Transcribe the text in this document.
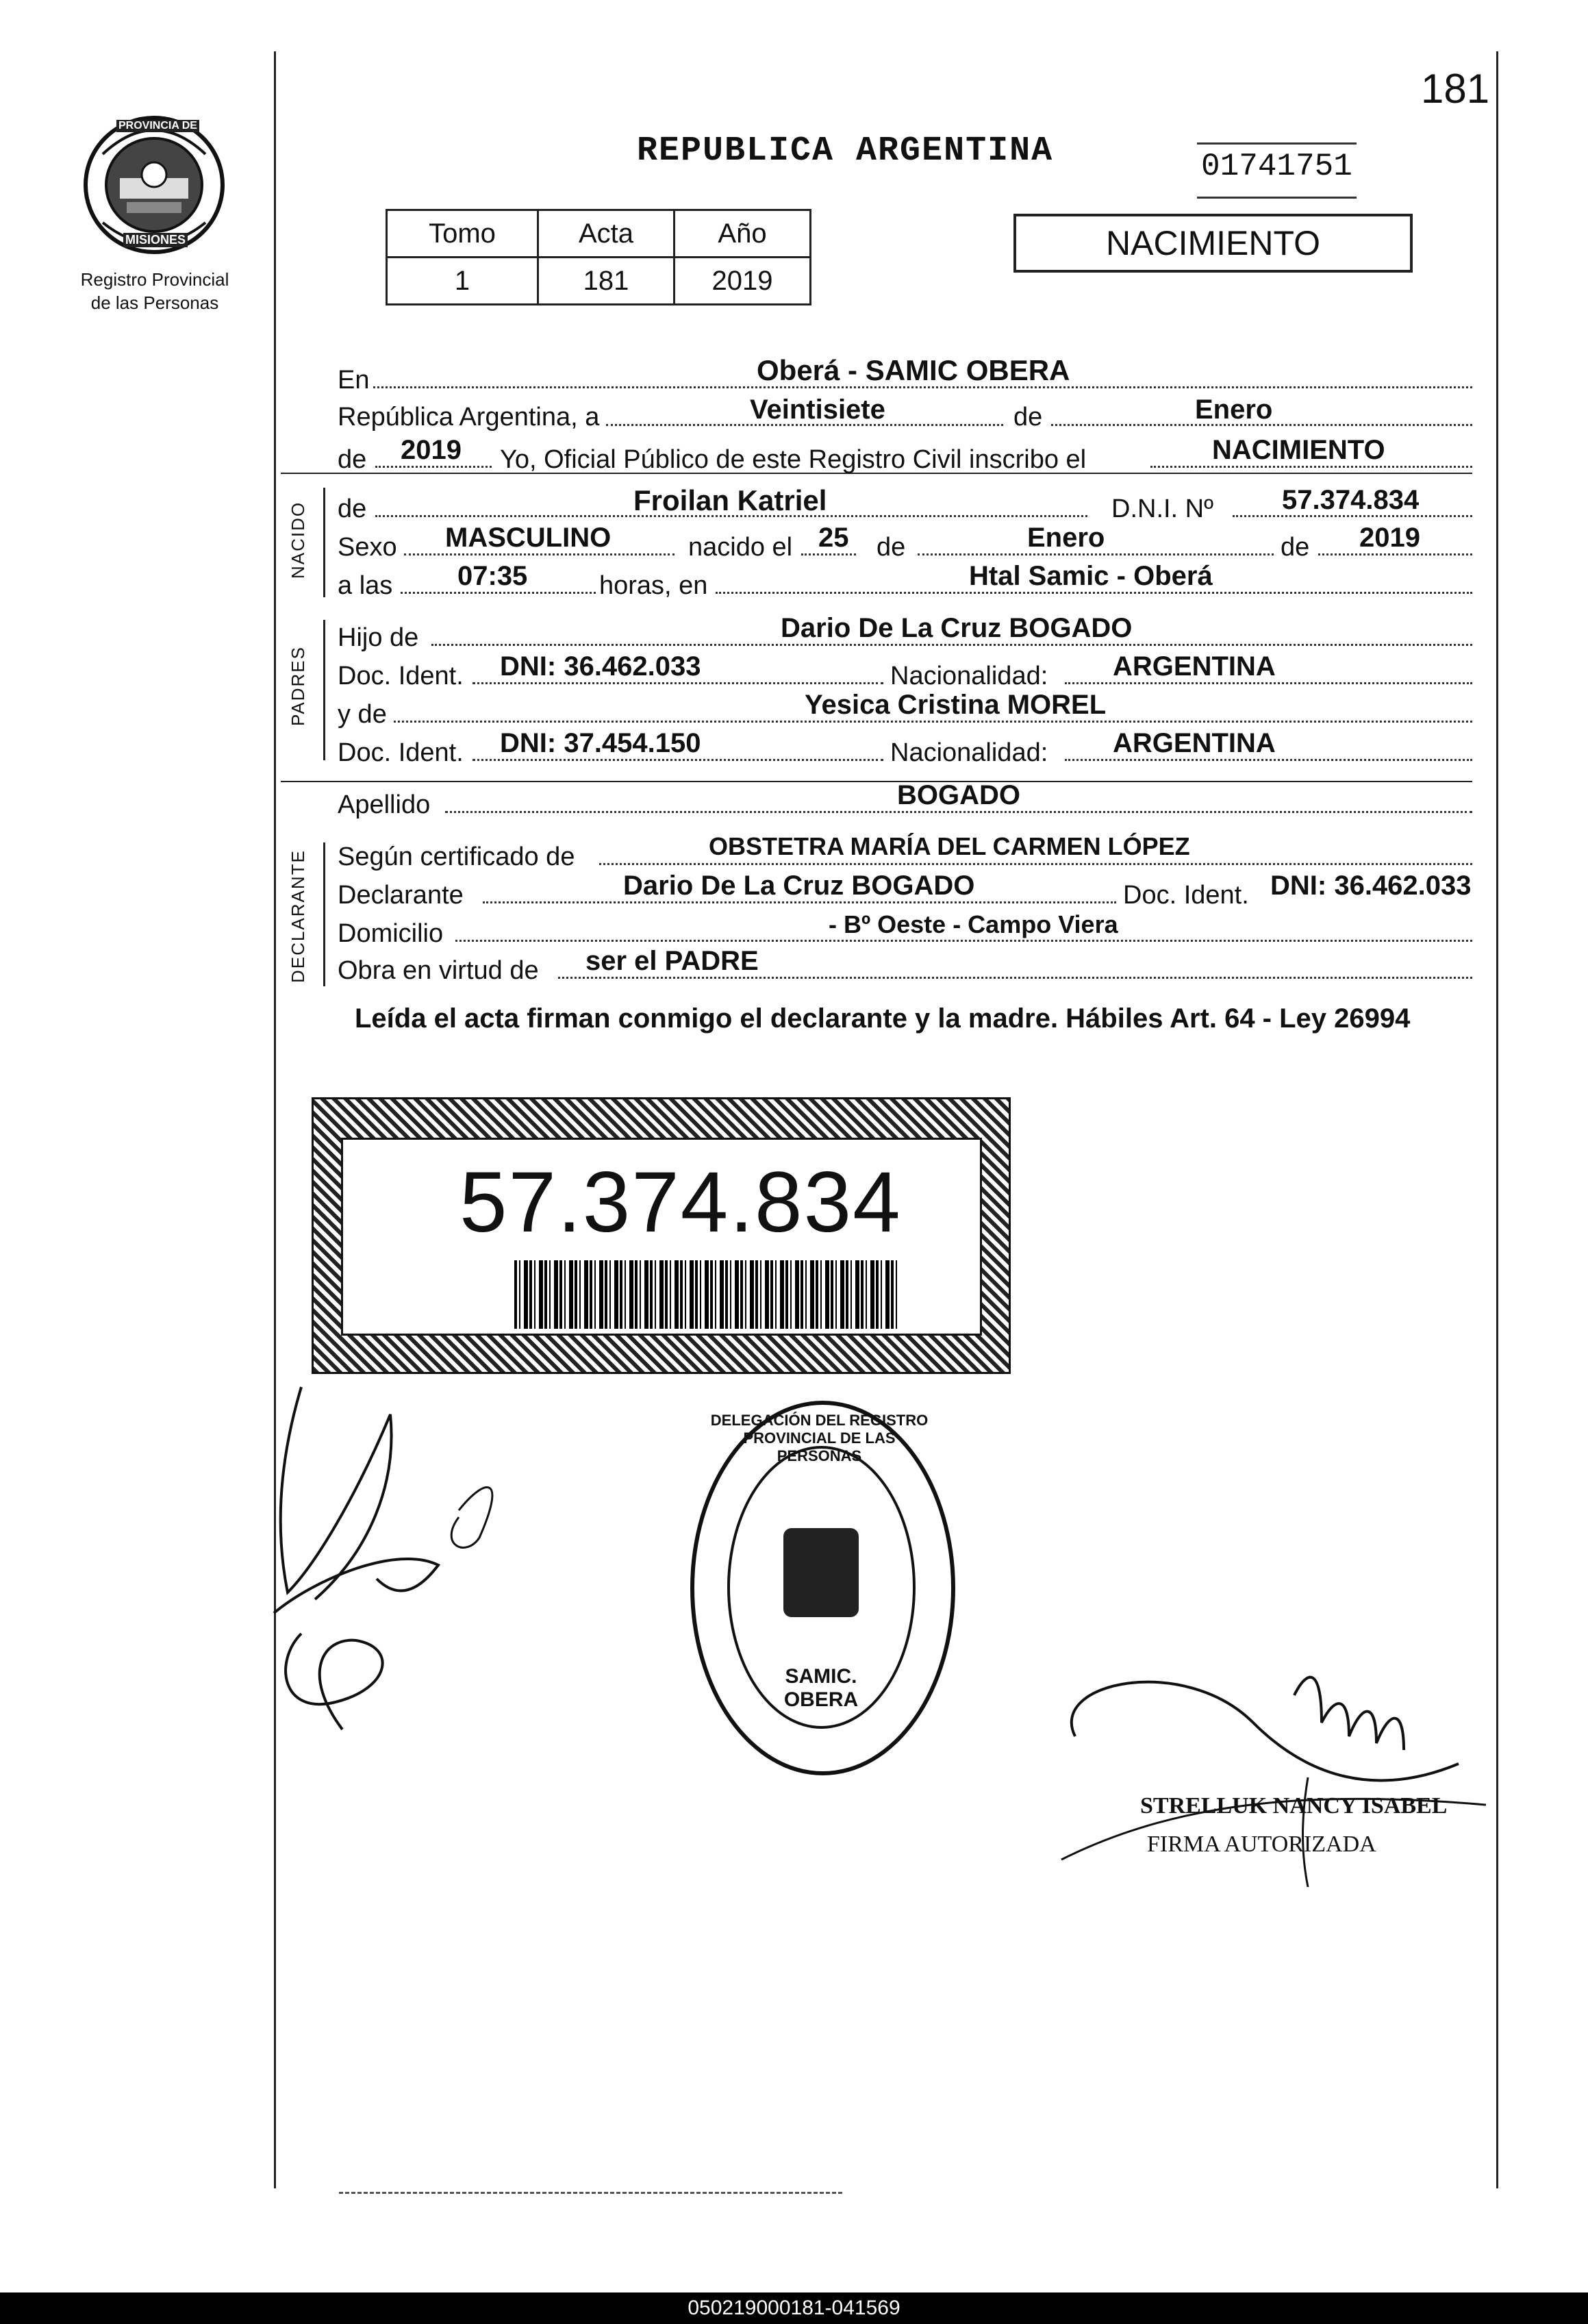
181
PROVINCIA DE
MISIONES
Registro Provincial
de las Personas
REPUBLICA ARGENTINA	01741751
NACIMIENTO
Tomo	Acta	Año
1	181	2019
NACIDO
PADRES
DECLARANTE
En	Oberá - SAMIC OBERA
República Argentina, a	Veintisiete	de	Enero
de 2019 Yo, Oficial Público de este Registro Civil inscribo el	NACIMIENTO
de	Froilan Katriel	D.N.I. Nº	57.374.834
Sexo MASCULINO	nacido el 25 de	Enero	de 2019
a las 07:35	horas, en	Htal Samic - Oberá
Hijo de	Dario De La Cruz BOGADO
Doc. Ident. DNI: 36.462.033	Nacionalidad: ARGENTINA
y de	Yesica Cristina MOREL
Doc. Ident. DNI: 37.454.150	Nacionalidad: ARGENTINA
Apellido	BOGADO
Según certificado de	OBSTETRA MARÍA DEL CARMEN LÓPEZ
Declarante	Dario De La Cruz BOGADO	Doc. Ident. DNI: 36.462.033
Domicilio	- Bº Oeste - Campo Viera
Obra en virtud de ser el PADRE
Leída el acta firman conmigo el declarante y la madre. Hábiles Art. 64 - Ley 26994
57.374.834
DELEGACIÓN DEL REGISTRO PROVINCIAL DE LAS PERSONAS
SAMIC. OBERA
STRELLUK NANCY ISABEL
FIRMA AUTORIZADA
050219000181-041569
